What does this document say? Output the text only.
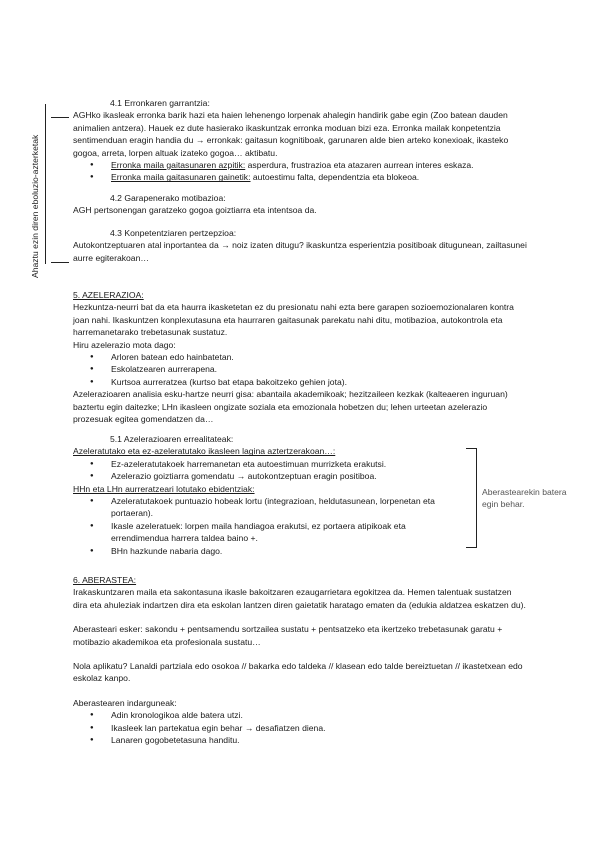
Ahaztu ezin diren eboluzio-azterketak

4.1 Erronkaren garrantzia:

AGHko ikasleak erronka barik hazi eta haien lehenengo lorpenak ahalegin handirik gabe egin (Zoo batean dauden animalien antzera). Hauek ez dute hasierako ikaskuntzak erronka moduan bizi eza. Erronka mailak konpetentzia sentimenduan eragin handia du → erronkak: gaitasun kognitiboak, garunaren alde bien arteko konexioak, ikasteko gogoa, arreta, lorpen altuak izateko gogoa… aktibatu.

● Erronka maila gaitasunaren azpitik: asperdura, frustrazioa eta atazaren aurrean interes eskaza.
● Erronka maila gaitasunaren gainetik: autoestimu falta, dependentzia eta blokeoa.

4.2 Garapenerako motibazioa:

AGH pertsonengan garatzeko gogoa goiztiarra eta intentsoa da.

4.3 Konpetentziaren pertzepzioa:

Autokontzeptuaren atal inportantea da → noiz izaten ditugu? ikaskuntza esperientzia positiboak ditugunean, zailtasunei aurre egiterakoan…

5. AZELERAZIOA:

Hezkuntza-neurri bat da eta haurra ikasketetan ez du presionatu nahi ezta bere garapen sozioemozionalaren kontra joan nahi. Ikaskuntzen konplexutasuna eta haurraren gaitasunak parekatu nahi ditu, motibazioa, autokontrola eta harremanetarako trebetasunak sustatuz.

Hiru azelerazio mota dago:

● Arloren batean edo hainbatetan.
● Eskolatzearen aurrerapena.
● Kurtsoa aurreratzea (kurtso bat etapa bakoitzeko gehien jota).

Azelerazioaren analisia esku-hartze neurri gisa: abantaila akademikoak; hezitzaileen kezkak (kalteaeren inguruan) baztertu egin daitezke; LHn ikasleen ongizate soziala eta emozionala hobetzen du; lehen urteetan azelerazio prozesuak egitea gomendatzen da…

5.1 Azelerazioaren errealitateak:

Azeleratutako eta ez-azeleratutako ikasleen lagina aztertzerakoan…:

● Ez-azeleratutakoek harremanetan eta autoestimuan murrizketa erakutsi.
● Azelerazio goiztiarra gomendatu → autokontzeptuan eragin positiboa.

HHn eta LHn aurreratzeari lotutako ebidentziak:

● Azeleratutakoek puntuazio hobeak lortu (integrazioan, heldutasunean, lorpenetan eta portaeran).
● Ikasle azeleratuek: lorpen maila handiagoa erakutsi, ez portaera atipikoak eta errendimendua harrera taldea baino +.
● BHn hazkunde nabaria dago.
Aberastearekin batera egin behar.

6. ABERASTEA:

Irakaskuntzaren maila eta sakontasuna ikasle bakoitzaren ezaugarrietara egokitzea da. Hemen talentuak sustatzen dira eta ahuleziak indartzen dira eta eskolan lantzen diren gaietatik haratago ematen da (edukia aldatzea eskatzen du).

Aberasteari esker: sakondu + pentsamendu sortzailea sustatu + pentsatzeko eta ikertzeko trebetasunak garatu + motibazio akademikoa eta profesionala sustatu…

Nola aplikatu? Lanaldi partziala edo osokoa // bakarka edo taldeka // klasean edo talde bereiztuetan // ikastetxean edo eskolaz kanpo.

Aberastearen indarguneak:

● Adin kronologikoa alde batera utzi.
● Ikasleek lan partekatua egin behar → desafiatzen diena.
● Lanaren gogobetetasuna handitu.
